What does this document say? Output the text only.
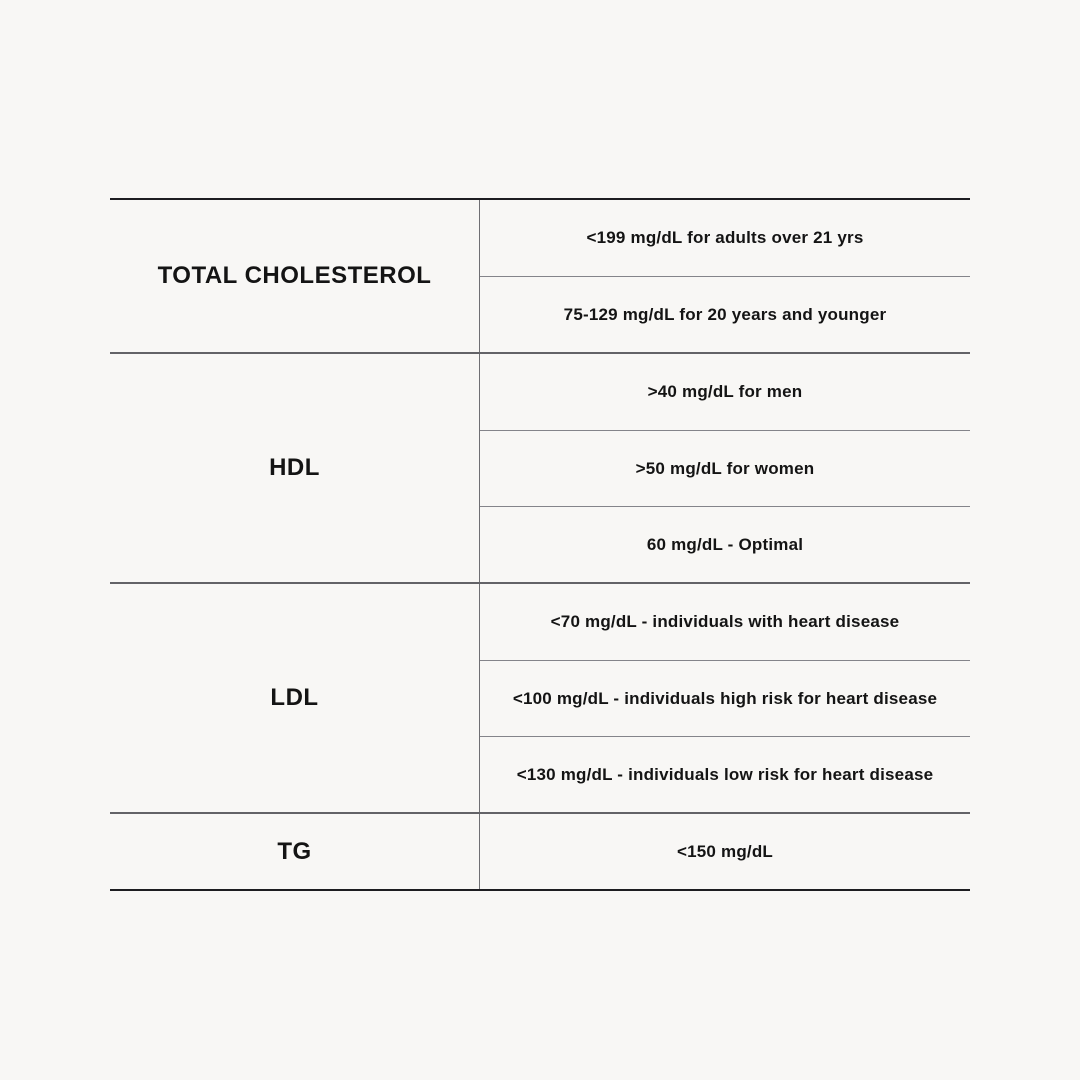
TOTAL CHOLESTEROL
<199 mg/dL for adults over 21 yrs
75-129 mg/dL for 20 years and younger
HDL
>40 mg/dL for men
>50 mg/dL for women
60 mg/dL - Optimal
LDL
<70 mg/dL - individuals with heart disease
<100 mg/dL - individuals high risk for heart disease
<130 mg/dL - individuals low risk for heart disease
TG	<150 mg/dL
